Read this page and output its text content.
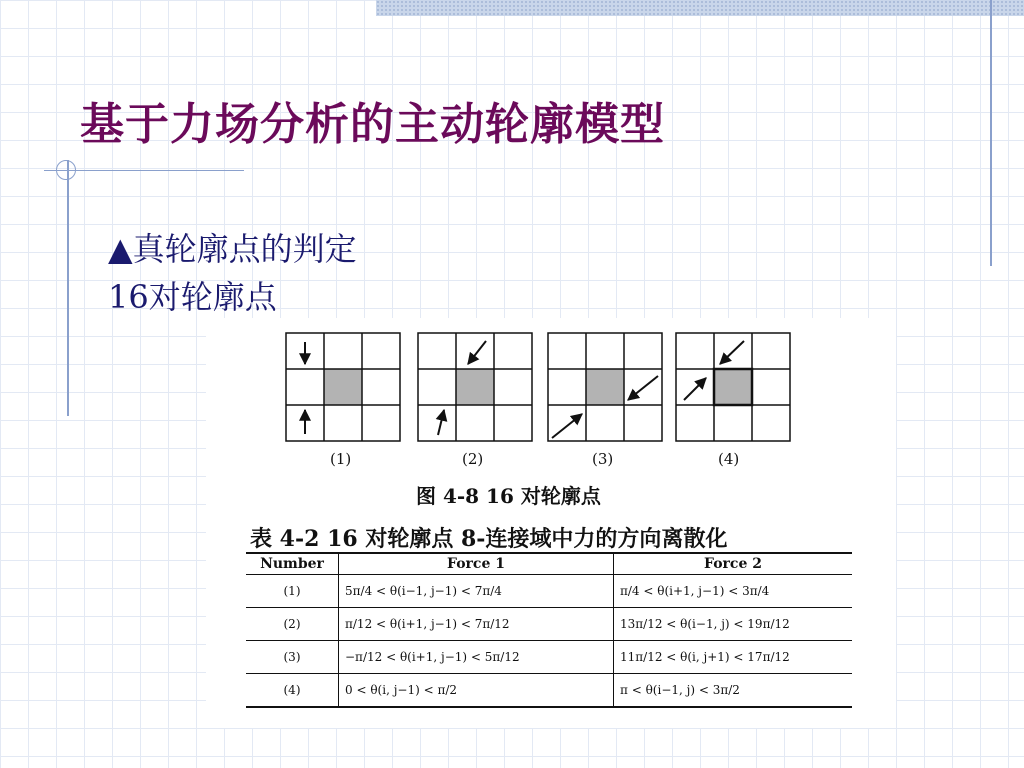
基于力场分析的主动轮廓模型
▲真轮廓点的判定
16对轮廓点
(1)	(2)	(3)	(4)
图 4-8 16 对轮廓点
表 4-2 16 对轮廓点 8-连接域中力的方向离散化
Number	Force 1	Force 2
(1)	5π/4 < θ(i−1, j−1) < 7π/4	π/4 < θ(i+1, j−1) < 3π/4
(2)	π/12 < θ(i+1, j−1) < 7π/12	13π/12 < θ(i−1, j) < 19π/12
(3)	−π/12 < θ(i+1, j−1) < 5π/12	11π/12 < θ(i, j+1) < 17π/12
(4)	0 < θ(i, j−1) < π/2	π < θ(i−1, j) < 3π/2
